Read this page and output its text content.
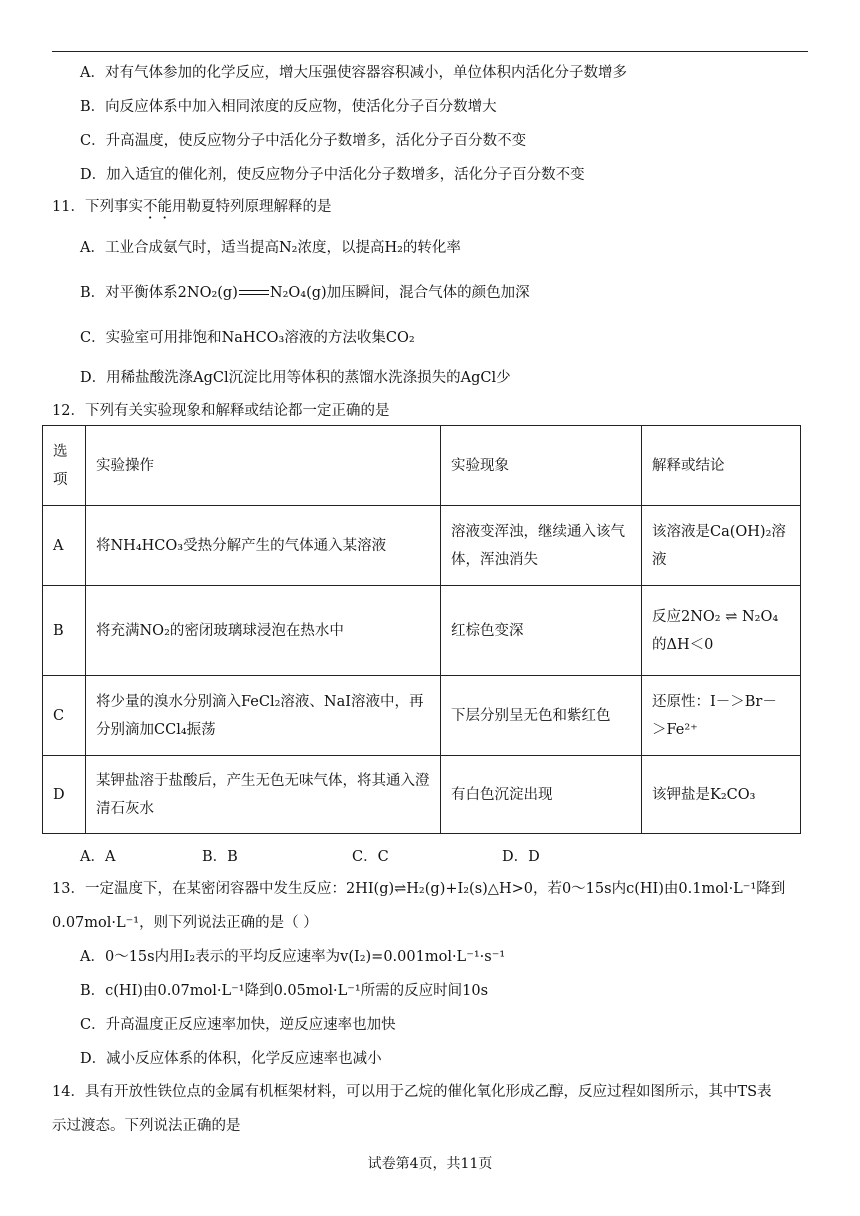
A．对有气体参加的化学反应，增大压强使容器容积减小，单位体积内活化分子数增多
B．向反应体系中加入相同浓度的反应物，使活化分子百分数增大
C．升高温度，使反应物分子中活化分子数增多，活化分子百分数不变
D．加入适宜的催化剂，使反应物分子中活化分子数增多，活化分子百分数不变
11．下列事实不能用勒夏特列原理解释的是
A．工业合成氨气时，适当提高N₂浓度，以提高H₂的转化率
B．对平衡体系2NO₂(g) N₂O₄(g)加压瞬间，混合气体的颜色加深
C．实验室可用排饱和NaHCO₃溶液的方法收集CO₂
D．用稀盐酸洗涤AgCl沉淀比用等体积的蒸馏水洗涤损失的AgCl少
12．下列有关实验现象和解释或结论都一定正确的是
选项	实验操作	实验现象	解释或结论
A	将NH₄HCO₃受热分解产生的气体通入某溶液	溶液变浑浊，继续通入该气体，浑浊消失	该溶液是Ca(OH)₂溶液
B	将充满NO₂的密闭玻璃球浸泡在热水中	红棕色变深	反应2NO₂ ⇌ N₂O₄的ΔH＜0
C	将少量的溴水分别滴入FeCl₂溶液、NaI溶液中，再分别滴加CCl₄振荡	下层分别呈无色和紫红色	还原性：I－＞Br－＞Fe²⁺
D	某钾盐溶于盐酸后，产生无色无味气体，将其通入澄清石灰水	有白色沉淀出现	该钾盐是K₂CO₃
A．A	B．B	C．C	D．D
13．一定温度下，在某密闭容器中发生反应：2HI(g)⇌H₂(g)+I₂(s)△H>0，若0～15s内c(HI)由0.1mol·L⁻¹降到
0.07mol·L⁻¹，则下列说法正确的是（ ）
A．0～15s内用I₂表示的平均反应速率为v(I₂)=0.001mol·L⁻¹·s⁻¹
B．c(HI)由0.07mol·L⁻¹降到0.05mol·L⁻¹所需的反应时间10s
C．升高温度正反应速率加快，逆反应速率也加快
D．减小反应体系的体积，化学反应速率也减小
14．具有开放性铁位点的金属有机框架材料，可以用于乙烷的催化氧化形成乙醇，反应过程如图所示，其中TS表
示过渡态。下列说法正确的是
试卷第4页，共11页
